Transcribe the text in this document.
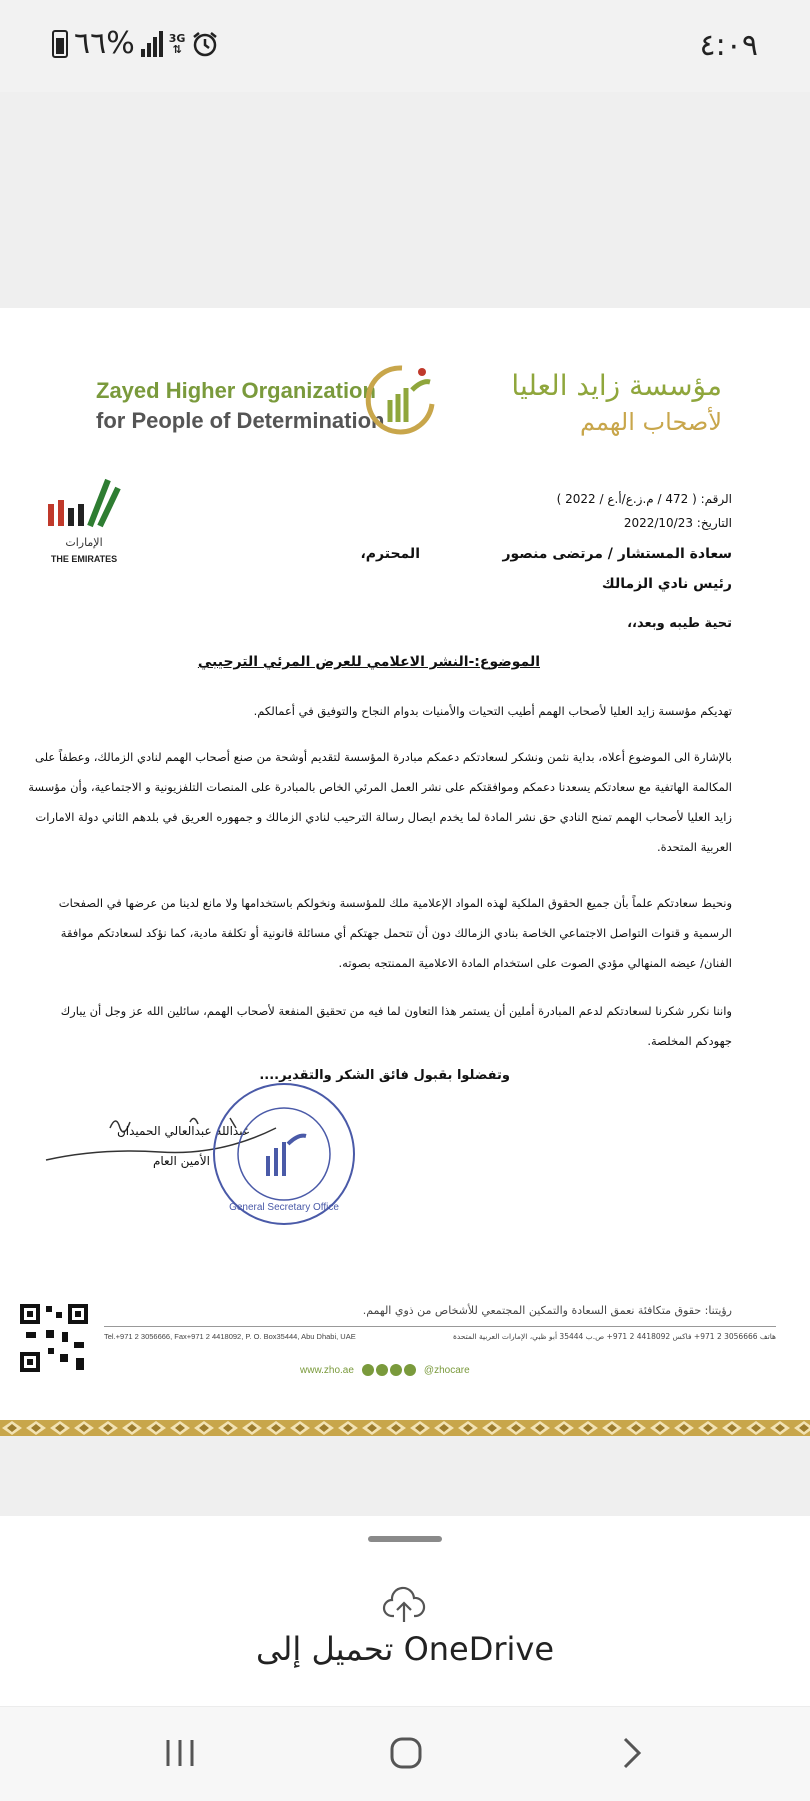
٦٦%	3G
⇅	٤:٠٩
Zayed Higher Organization
for People of Determination
مؤسسة زايد العليا
لأصحاب الهمم
الإمارات
THE EMIRATES
الرقم: ( 472 / م.ز.ع/أ.ع / 2022 )
التاريخ: 2022/10/23
سعادة المستشار / مرتضى منصور
المحترم،
رئيس نادي الزمالك
تحية طيبه وبعد،،
الموضوع:-النشر الاعلامي للعرض المرئي الترحيبي
تهديكم مؤسسة زايد العليا لأصحاب الهمم أطيب التحيات والأمنيات بدوام النجاح والتوفيق في أعمالكم.
بالإشارة الى الموضوع أعلاه، بداية نثمن ونشكر لسعادتكم دعمكم مبادرة المؤسسة لتقديم أوشحة من صنع أصحاب الهمم لنادي الزمالك، وعطفاً على المكالمة الهاتفية مع سعادتكم يسعدنا دعمكم وموافقتكم على نشر العمل المرئي الخاص بالمبادرة على المنصات التلفزيونية و الاجتماعية، وأن مؤسسة زايد العليا لأصحاب الهمم تمنح النادي حق نشر المادة لما يخدم ايصال رسالة الترحيب لنادي الزمالك و جمهوره العريق في بلدهم الثاني دولة الامارات العربية المتحدة.
ونحيط سعادتكم علماً بأن جميع الحقوق الملكية لهذه المواد الإعلامية ملك للمؤسسة ونخولكم باستخدامها ولا مانع لدينا من عرضها في الصفحات الرسمية و قنوات التواصل الاجتماعي الخاصة بنادي الزمالك دون أن تتحمل جهتكم أي مسائلة قانونية أو تكلفة مادية، كما نؤكد لسعادتكم موافقة الفنان/ عيضه المنهالي مؤدي الصوت على استخدام المادة الاعلامية الممنتجه بصوته.
واننا نكرر شكرنا لسعادتكم لدعم المبادرة أملين أن يستمر هذا التعاون لما فيه من تحقيق المنفعة لأصحاب الهمم، سائلين الله عز وجل أن يبارك جهودكم المخلصة.
وتفضلوا بقبول فائق الشكر والتقدير....
عبدالله عبدالعالي الحميدان
الأمين العام
General Secretary Office
رؤيتنا: حقوق متكافئة نعمق السعادة والتمكين المجتمعي للأشخاص من ذوي الهمم.
Tel.+971 2 3056666, Fax+971 2 4418092, P. O. Box35444, Abu Dhabi, UAE	هاتف 3056666 2 971+ فاكس 4418092 2 971+ ص.ب 35444 أبو ظبي، الإمارات العربية المتحدة
www.zho.ae	@zhocare
تحميل إلى OneDrive
